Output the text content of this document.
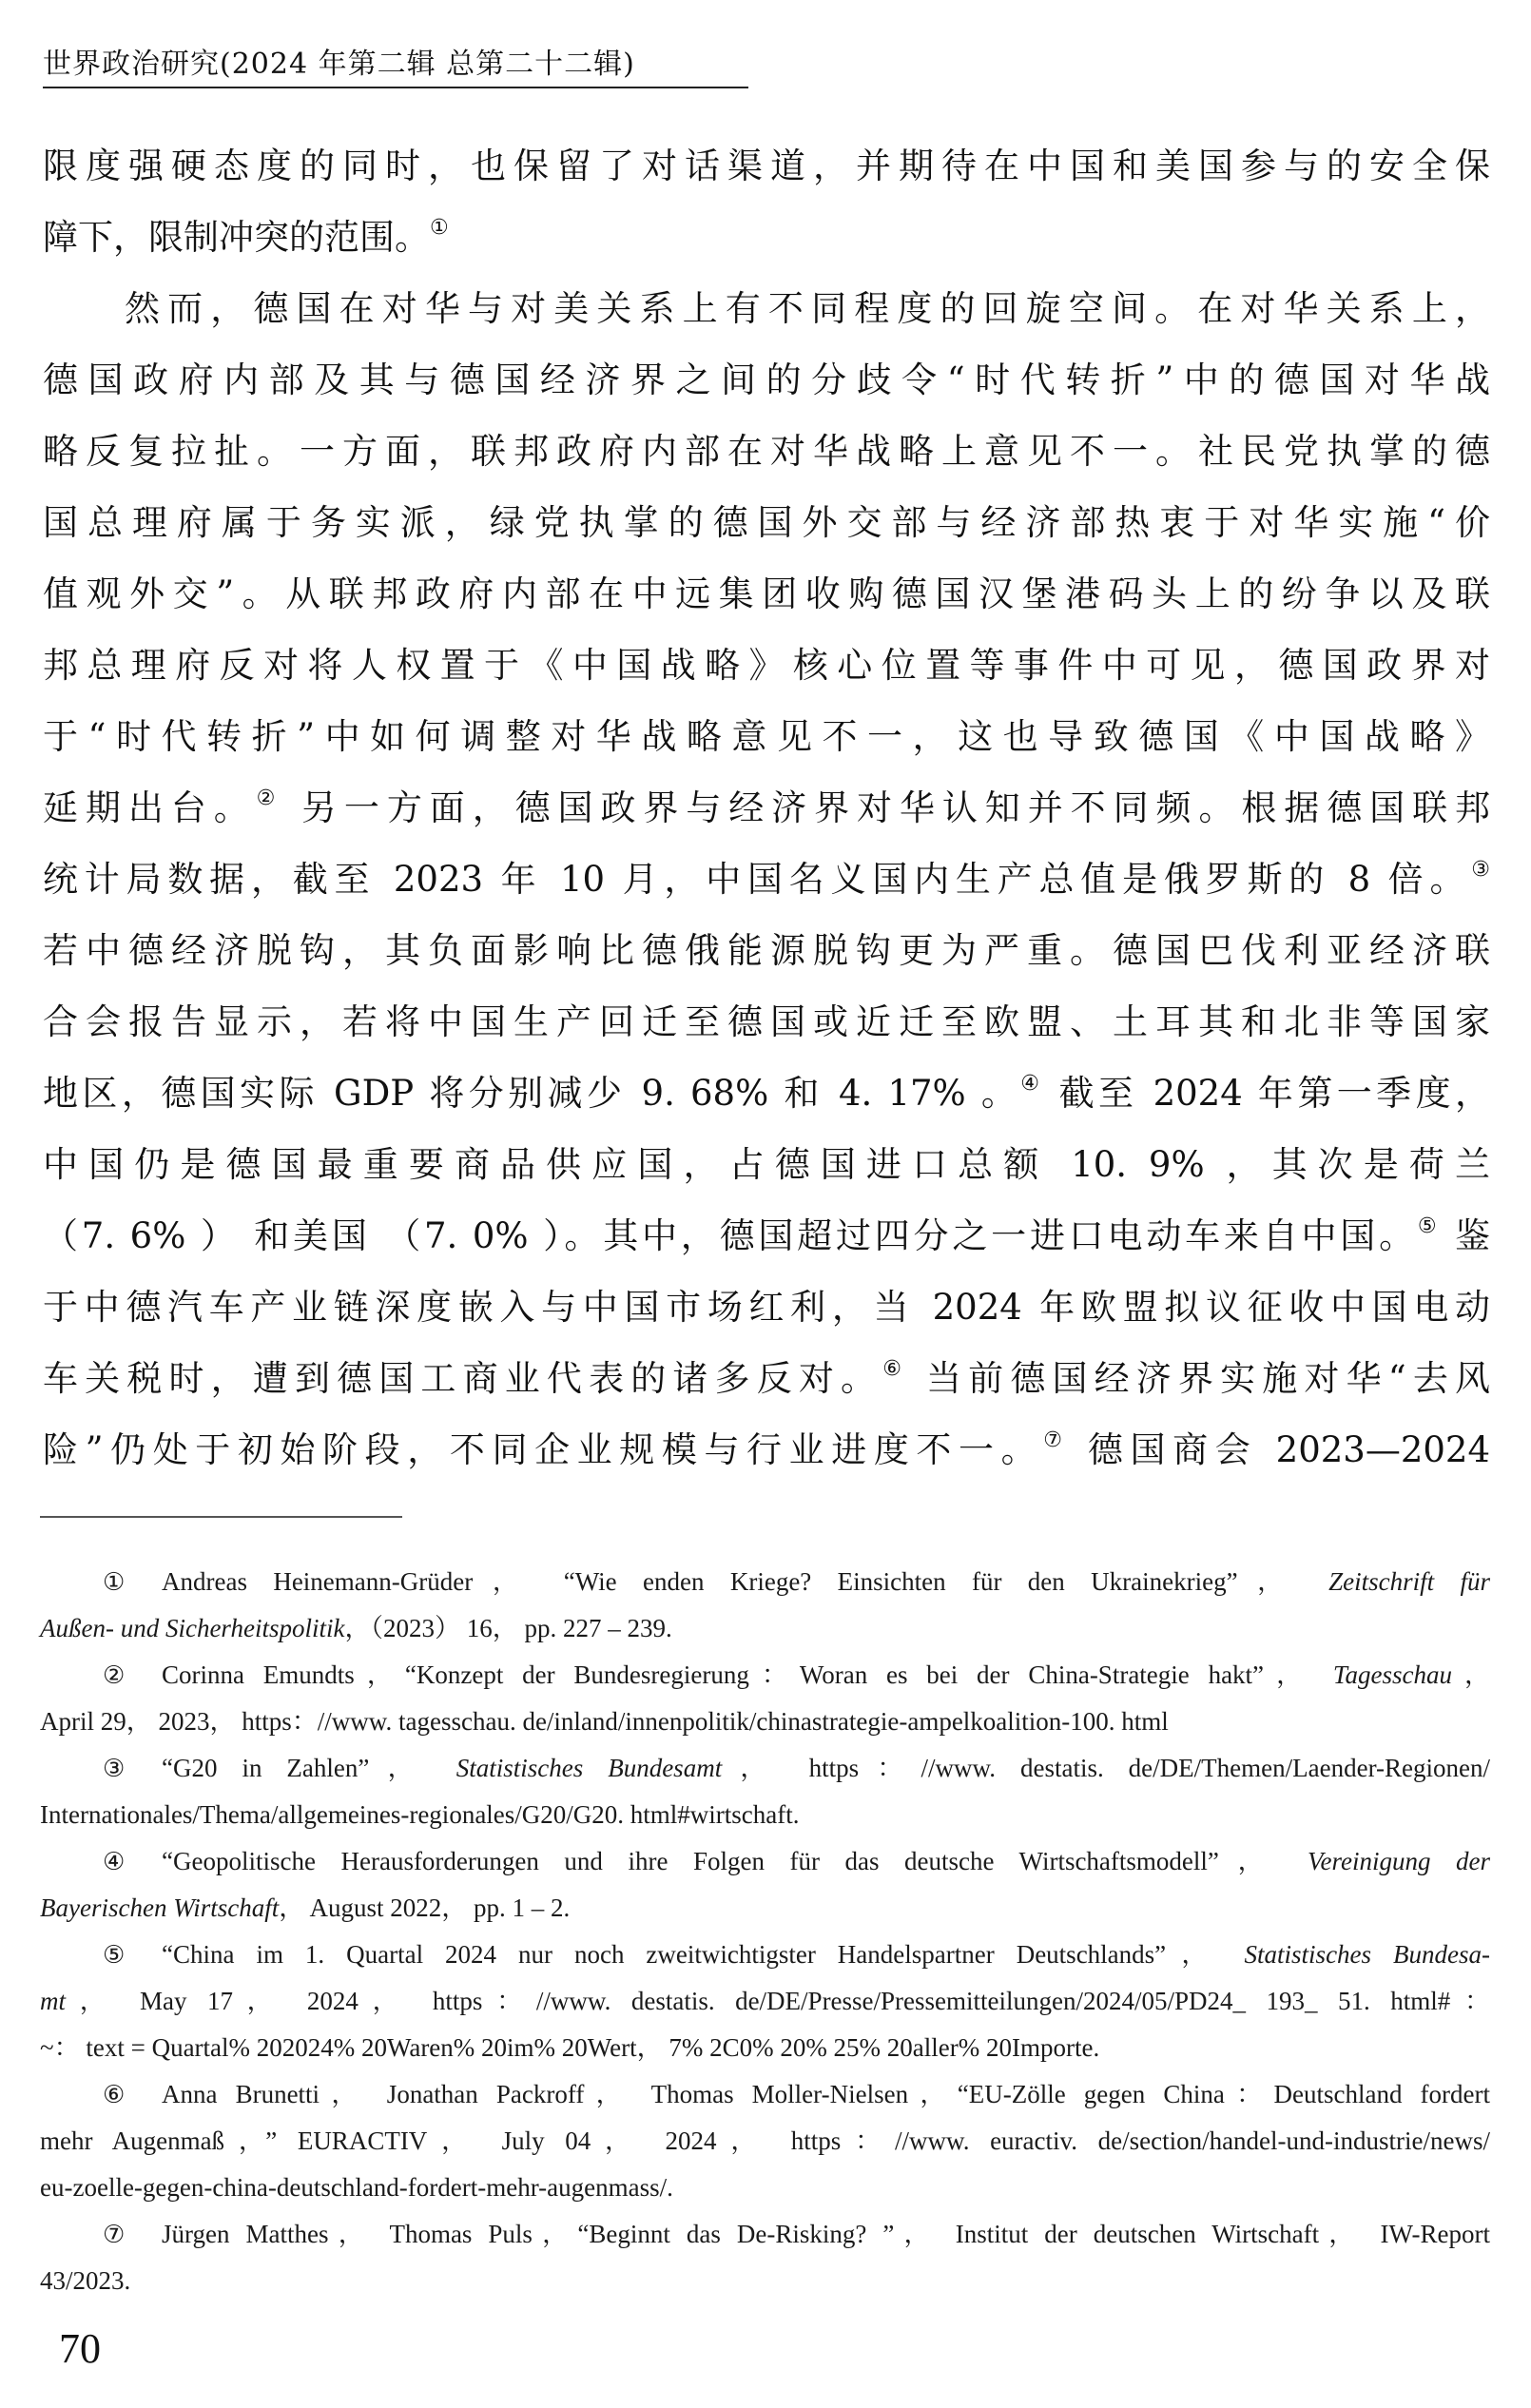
世界政治研究(2024 年第二辑 总第二十二辑)
限度强硬态度的同时，也保留了对话渠道，并期待在中国和美国参与的安全保
障下，限制冲突的范围。①
然而，德国在对华与对美关系上有不同程度的回旋空间。在对华关系上，
德国政府内部及其与德国经济界之间的分歧令“时代转折”中的德国对华战
略反复拉扯。一方面，联邦政府内部在对华战略上意见不一。社民党执掌的德
国总理府属于务实派，绿党执掌的德国外交部与经济部热衷于对华实施“价
值观外交”。从联邦政府内部在中远集团收购德国汉堡港码头上的纷争以及联
邦总理府反对将人权置于《中国战略》核心位置等事件中可见，德国政界对
于“时代转折”中如何调整对华战略意见不一，这也导致德国《中国战略》
延期出台。② 另一方面，德国政界与经济界对华认知并不同频。根据德国联邦
统计局数据，截至 2023 年 10 月，中国名义国内生产总值是俄罗斯的 8 倍。③
若中德经济脱钩，其负面影响比德俄能源脱钩更为严重。德国巴伐利亚经济联
合会报告显示，若将中国生产回迁至德国或近迁至欧盟、土耳其和北非等国家
地区，德国实际 GDP 将分别减少 9. 68% 和 4. 17% 。④ 截至 2024 年第一季度，
中国仍是德国最重要商品供应国，占德国进口总额 10. 9% ，其次是荷兰
（7. 6% ） 和美国 （7. 0% ）。其中，德国超过四分之一进口电动车来自中国。⑤ 鉴
于中德汽车产业链深度嵌入与中国市场红利，当 2024 年欧盟拟议征收中国电动
车关税时，遭到德国工商业代表的诸多反对。⑥ 当前德国经济界实施对华“去风
险”仍处于初始阶段，不同企业规模与行业进度不一。⑦ 德国商会 2023—2024
① Andreas Heinemann-Grüder， “Wie enden Kriege? Einsichten für den Ukrainekrieg”， Zeitschrift für
Außen- und Sicherheitspolitik，（2023） 16， pp. 227 – 239.
② Corinna Emundts，“Konzept der Bundesregierung：Woran es bei der China-Strategie hakt”， Tagesschau，
April 29， 2023， https：//www. tagesschau. de/inland/innenpolitik/chinastrategie-ampelkoalition-100. html
③ “G20 in Zahlen”， Statistisches Bundesamt， https：//www. destatis. de/DE/Themen/Laender-Regionen/
Internationales/Thema/allgemeines-regionales/G20/G20. html#wirtschaft.
④ “Geopolitische Herausforderungen und ihre Folgen für das deutsche Wirtschaftsmodell”， Vereinigung der
Bayerischen Wirtschaft， August 2022， pp. 1 – 2.
⑤ “China im 1. Quartal 2024 nur noch zweitwichtigster Handelspartner Deutschlands”， Statistisches Bundesa-
mt， May 17， 2024， https：//www. destatis. de/DE/Presse/Pressemitteilungen/2024/05/PD24_ 193_ 51. html#：
~： text = Quartal% 202024% 20Waren% 20im% 20Wert， 7% 2C0% 20% 25% 20aller% 20Importe.
⑥ Anna Brunetti， Jonathan Packroff， Thomas Moller-Nielsen，“EU-Zölle gegen China：Deutschland fordert
mehr Augenmaß，” EURACTIV， July 04， 2024， https：//www. euractiv. de/section/handel-und-industrie/news/
eu-zoelle-gegen-china-deutschland-fordert-mehr-augenmass/.
⑦ Jürgen Matthes， Thomas Puls，“Beginnt das De-Risking? ”， Institut der deutschen Wirtschaft， IW-Report
43/2023.
70
